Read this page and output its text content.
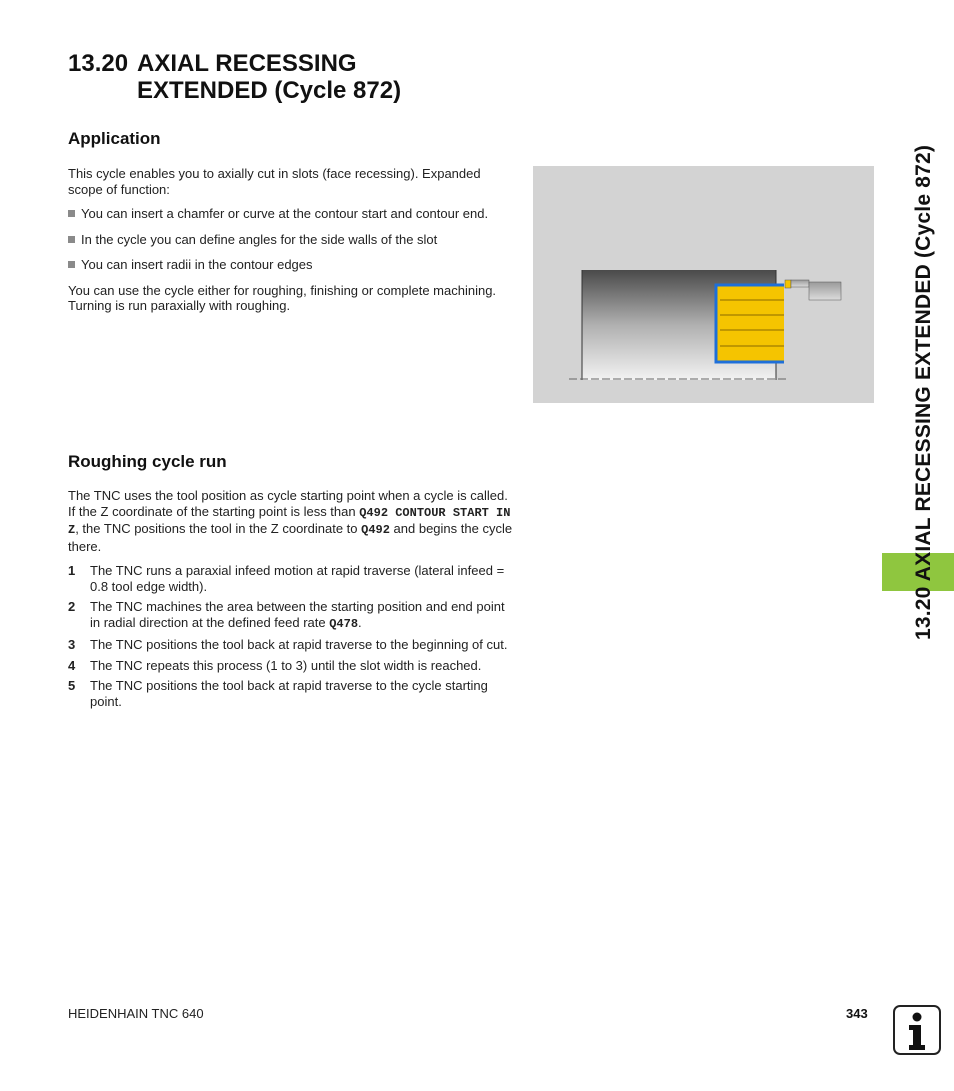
13.20 AXIAL RECESSING EXTENDED (Cycle 872)
Application
This cycle enables you to axially cut in slots (face recessing). Expanded scope of function:
You can insert a chamfer or curve at the contour start and contour end.
In the cycle you can define angles for the side walls of the slot
You can insert radii in the contour edges
You can use the cycle either for roughing, finishing or complete machining. Turning is run paraxially with roughing.
Roughing cycle run
The TNC uses the tool position as cycle starting point when a cycle is called. If the Z coordinate of the starting point is less than Q492 CONTOUR START IN Z, the TNC positions the tool in the Z coordinate to Q492 and begins the cycle there.
1 The TNC runs a paraxial infeed motion at rapid traverse (lateral infeed = 0.8 tool edge width).
2 The TNC machines the area between the starting position and end point in radial direction at the defined feed rate Q478.
3 The TNC positions the tool back at rapid traverse to the beginning of cut.
4 The TNC repeats this process (1 to 3) until the slot width is reached.
5 The TNC positions the tool back at rapid traverse to the cycle starting point.
13.20 AXIAL RECESSING EXTENDED (Cycle 872)
HEIDENHAIN TNC 640	343
